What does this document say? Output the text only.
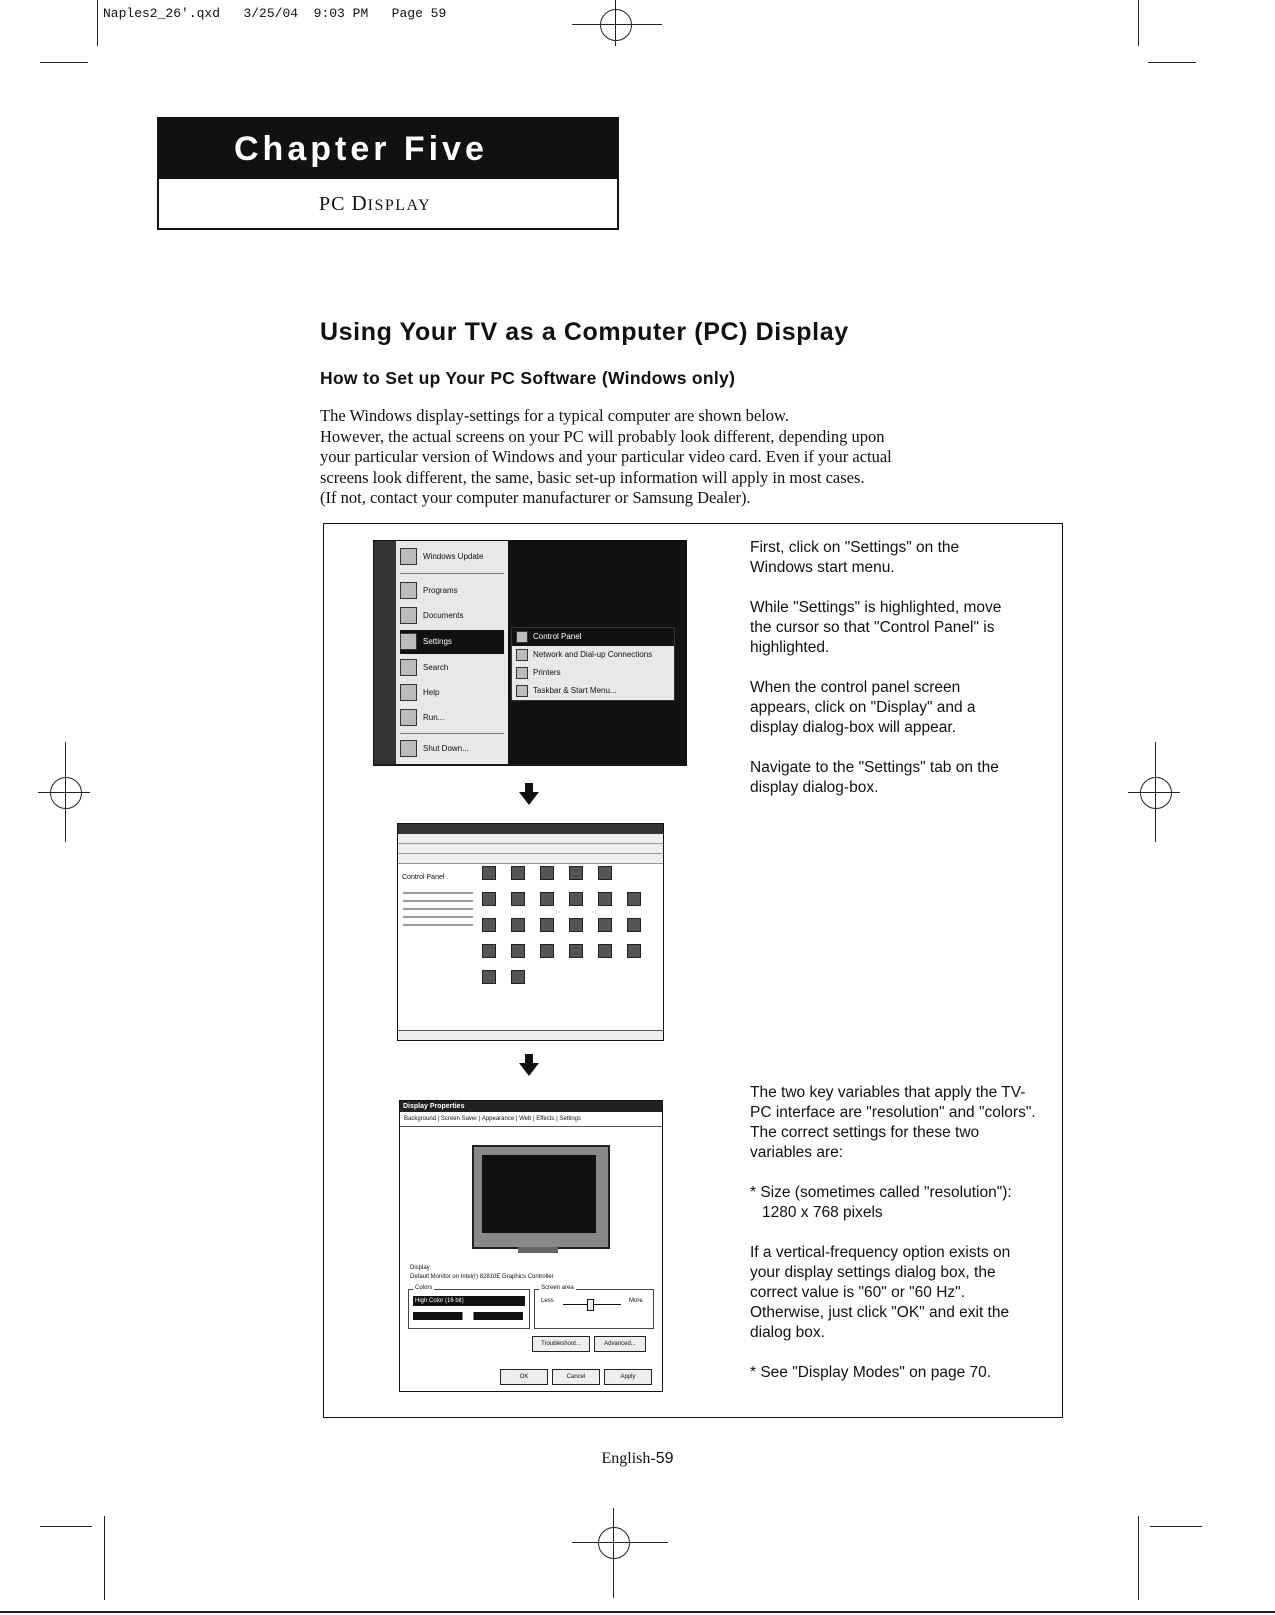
Naples2_26'.qxd 3/25/04 9:03 PM Page 59
Chapter Five
PC DISPLAY
Using Your TV as a Computer (PC) Display
How to Set up Your PC Software (Windows only)
The Windows display-settings for a typical computer are shown below.
However, the actual screens on your PC will probably look different, depending upon
your particular version of Windows and your particular video card. Even if your actual
screens look different, the same, basic set-up information will apply in most cases.
(If not, contact your computer manufacturer or Samsung Dealer).

First, click on "Settings" on the Windows start menu.

While "Settings" is highlighted, move the cursor so that "Control Panel" is highlighted.

When the control panel screen appears, click on "Display" and a display dialog-box will appear.

Navigate to the "Settings" tab on the display dialog-box.

The two key variables that apply the TV-PC interface are "resolution" and "colors". The correct settings for these two variables are:

* Size (sometimes called "resolution"):
1280 x 768 pixels

If a vertical-frequency option exists on your display settings dialog box, the correct value is "60" or "60 Hz". Otherwise, just click "OK" and exit the dialog box.

* See "Display Modes" on page 70.

Windows 2000 Professional
Windows Update
Programs
Documents
Settings
Search
Help
Run...
Shut Down...
Control Panel
Network and Dial-up Connections
Printers
Taskbar & Start Menu...
Control Panel
Display Properties
Background | Screen Saver | Appearance | Web | Effects | Settings
Display:
Default Monitor on Intel(r) 82810E Graphics Controller
Colors
High Color (16 bit)
Screen area
Less	More
Troubleshoot...	Advanced...
OK	Cancel	Apply
English-59
